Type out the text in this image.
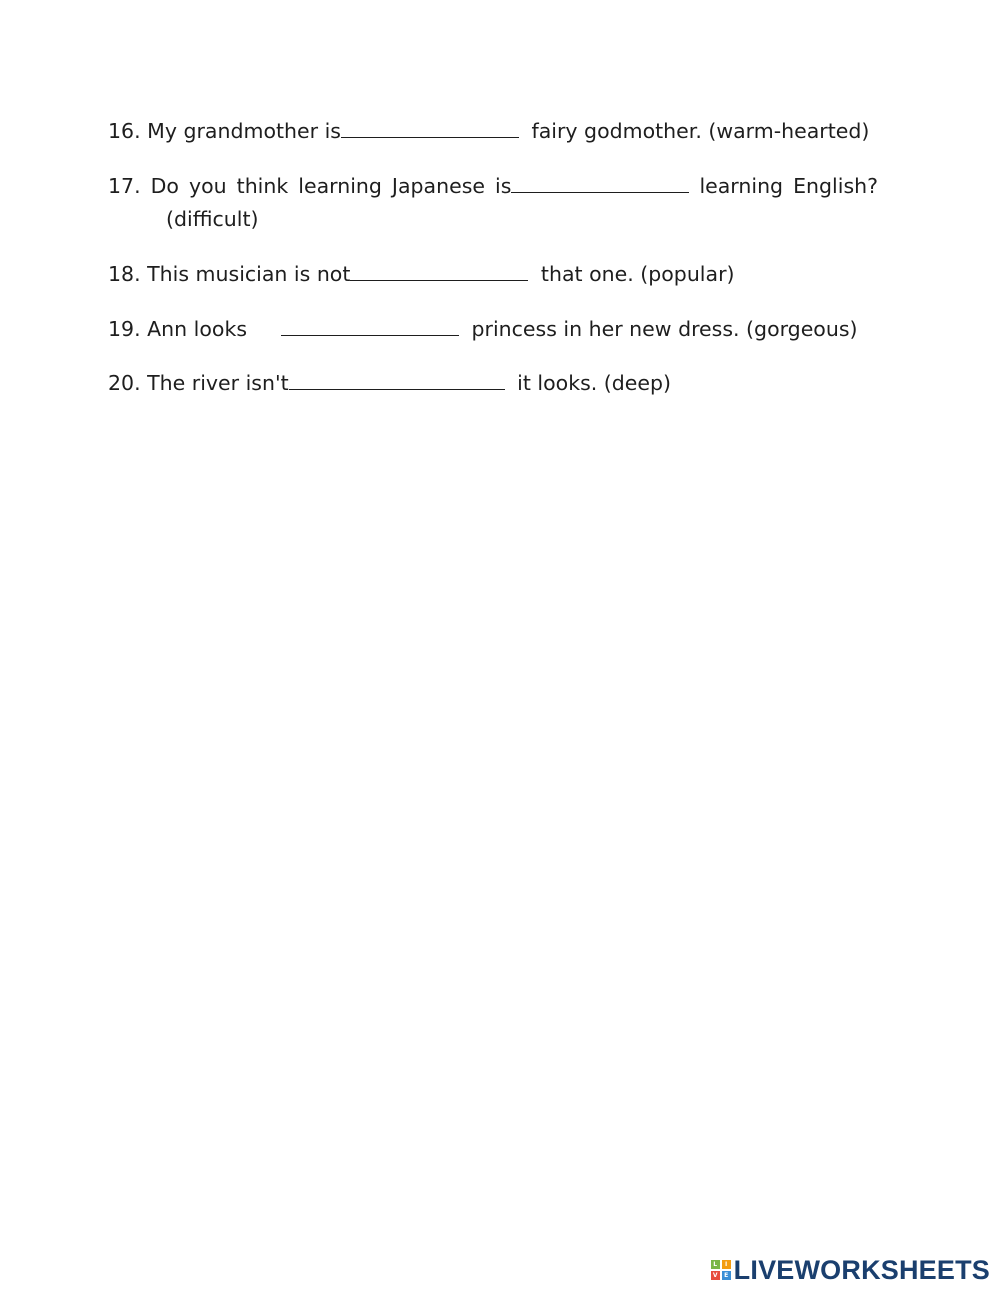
16. My grandmother is	fairy godmother. (warm-hearted)

17. Do you think learning Japanese is	learning English?
(difficult)

18. This musician is not	that one. (popular)

19. Ann looks	princess in her new dress. (gorgeous)

20. The river isn't	it looks. (deep)

L	I
V	E LIVEWORKSHEETS
